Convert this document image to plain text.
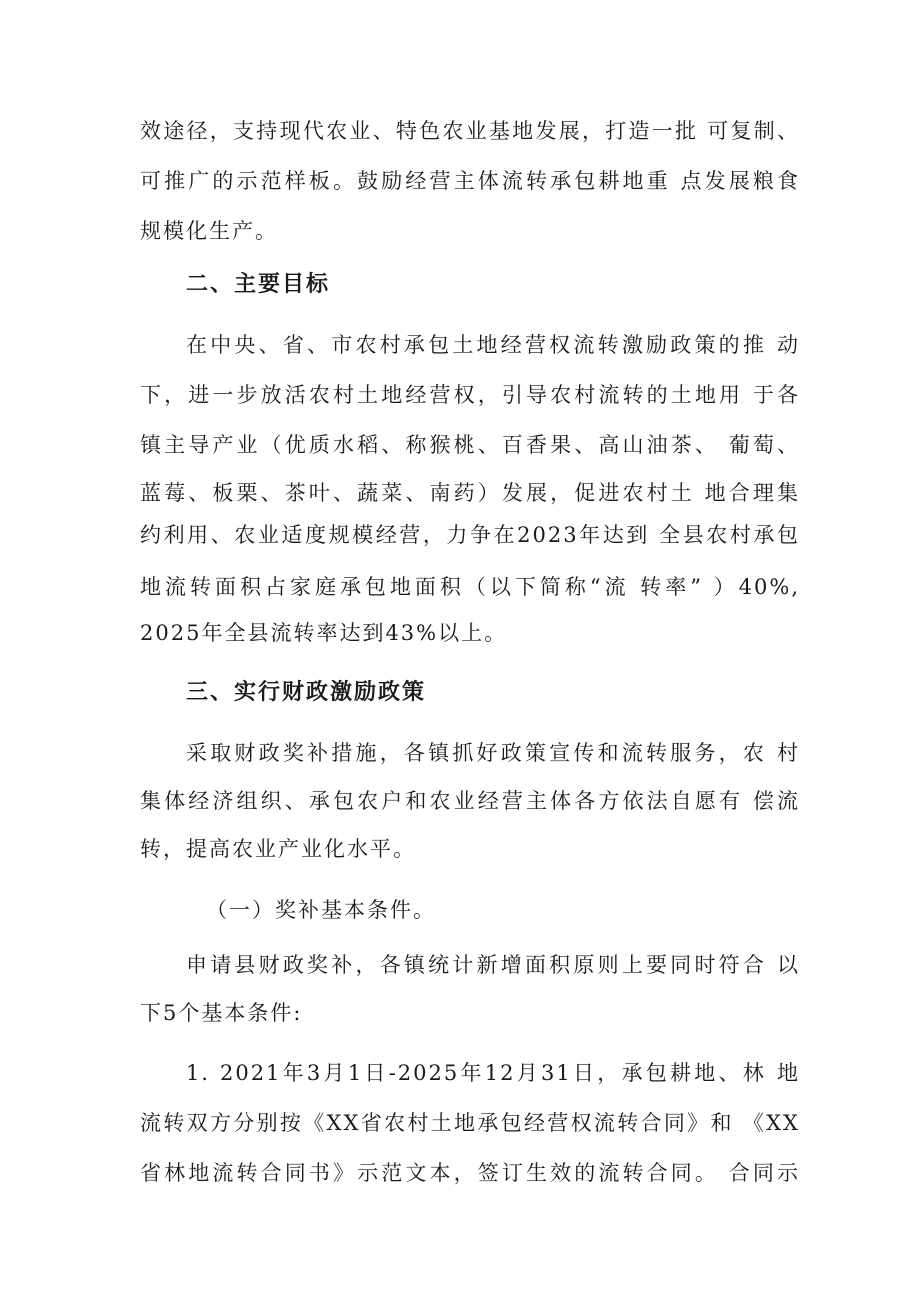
效途径，支持现代农业、特色农业基地发展，打造一批 可复制、
可推广的示范样板。鼓励经营主体流转承包耕地重 点发展粮食
规模化生产。
二、主要目标
在中央、省、市农村承包土地经营权流转激励政策的推 动
下，进一步放活农村土地经营权，引导农村流转的土地用 于各
镇主导产业（优质水稻、称猴桃、百香果、高山油茶、 葡萄、
蓝莓、板栗、茶叶、蔬菜、南药）发展，促进农村土 地合理集
约利用、农业适度规模经营，力争在2023年达到 全县农村承包
地流转面积占家庭承包地面积（以下简称“流 转率” ）40%,
2025年全县流转率达到43%以上。
三、实行财政激励政策
采取财政奖补措施，各镇抓好政策宣传和流转服务，农 村
集体经济组织、承包农户和农业经营主体各方依法自愿有 偿流
转，提高农业产业化水平。
（一）奖补基本条件。
申请县财政奖补，各镇统计新增面积原则上要同时符合 以
下5个基本条件:
1. 2021年3月1日-2025年12月31日，承包耕地、林 地
流转双方分别按《XX省农村土地承包经营权流转合同》和 《XX
省林地流转合同书》示范文本，签订生效的流转合同。 合同示
